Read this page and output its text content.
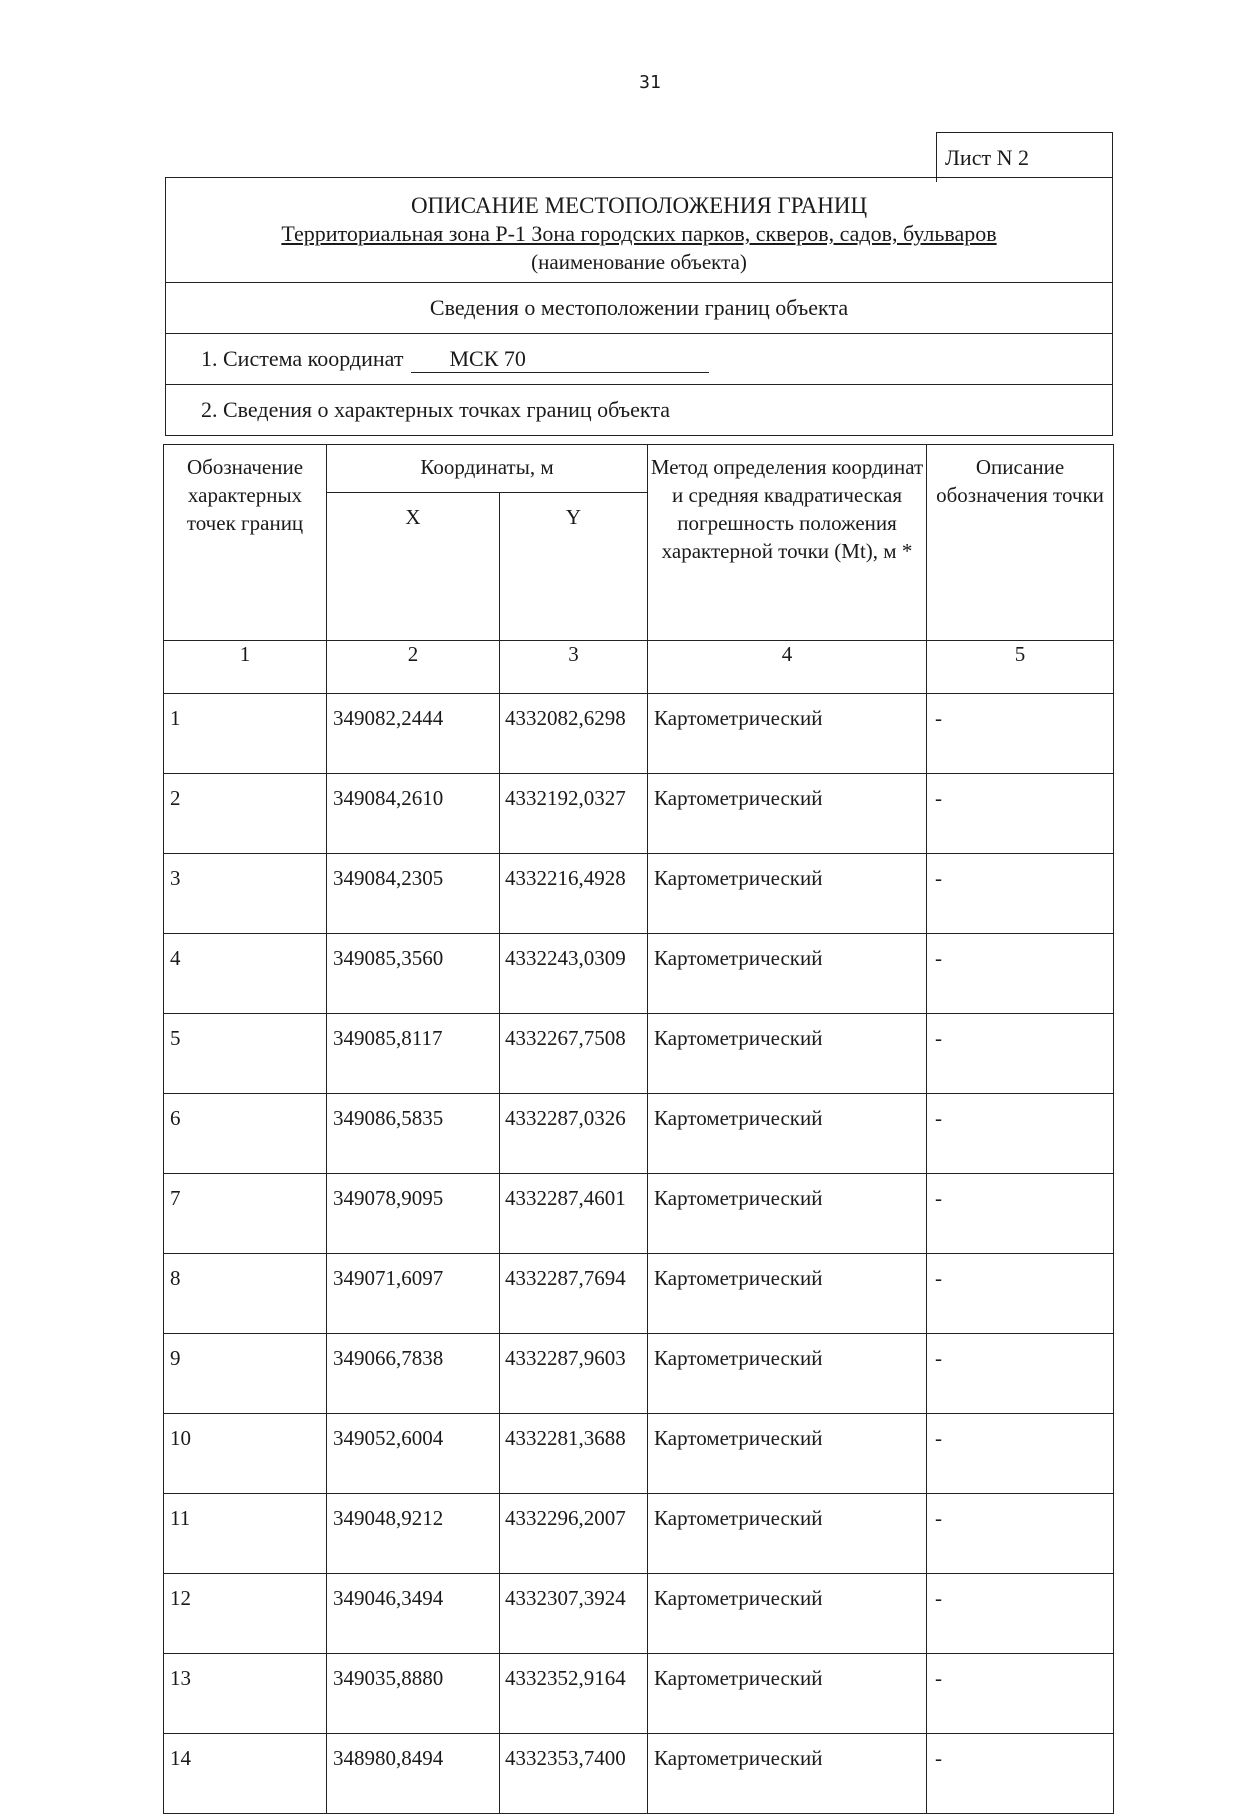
31
Лист N 2
ОПИСАНИЕ МЕСТОПОЛОЖЕНИЯ ГРАНИЦ
Территориальная зона Р-1 Зона городских парков, скверов, садов, бульваров
(наименование объекта)
Сведения о местоположении границ объекта
1. Система координат МСК 70
2. Сведения о характерных точках границ объекта
Обозначение характерных точек границ	Координаты, м		Метод определения координат и средняя квадратическая погрешность положения характерной точки (Mt), м *	Описание обозначения точки
	X	Y		
1	2	3	4	5
1	349082,2444	4332082,6298	Картометрический	-
2	349084,2610	4332192,0327	Картометрический	-
3	349084,2305	4332216,4928	Картометрический	-
4	349085,3560	4332243,0309	Картометрический	-
5	349085,8117	4332267,7508	Картометрический	-
6	349086,5835	4332287,0326	Картометрический	-
7	349078,9095	4332287,4601	Картометрический	-
8	349071,6097	4332287,7694	Картометрический	-
9	349066,7838	4332287,9603	Картометрический	-
10	349052,6004	4332281,3688	Картометрический	-
11	349048,9212	4332296,2007	Картометрический	-
12	349046,3494	4332307,3924	Картометрический	-
13	349035,8880	4332352,9164	Картометрический	-
14	348980,8494	4332353,7400	Картометрический	-
